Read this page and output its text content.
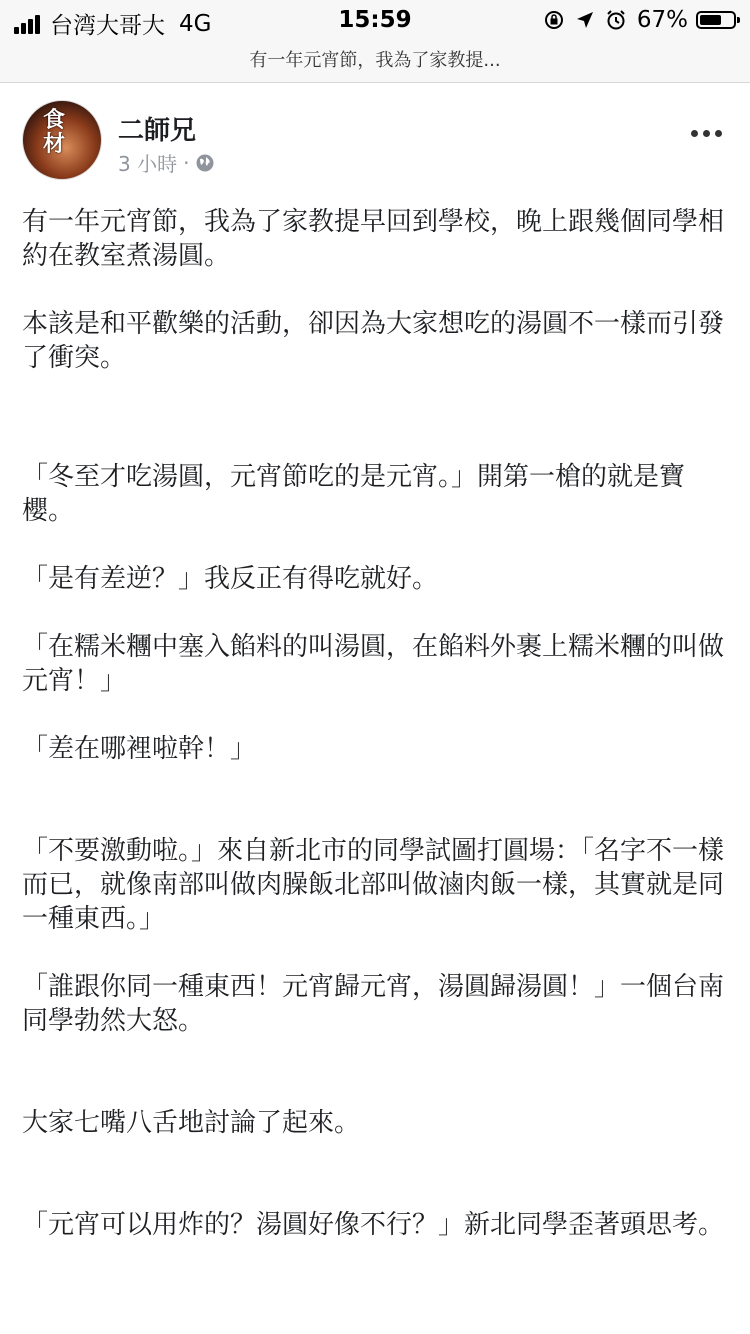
台湾大哥大 4G	15:59	67%
有一年元宵節，我為了家教提...
食
材 二師兄
3 小時 ·

有一年元宵節，我為了家教提早回到學校，晚上跟幾個同學相約在教室煮湯圓。

本該是和平歡樂的活動，卻因為大家想吃的湯圓不一樣而引發了衝突。

「冬至才吃湯圓，元宵節吃的是元宵。」開第一槍的就是寶櫻。

「是有差逆？」我反正有得吃就好。

「在糯米糰中塞入餡料的叫湯圓，在餡料外裹上糯米糰的叫做元宵！」

「差在哪裡啦幹！」

「不要激動啦。」來自新北市的同學試圖打圓場：「名字不一樣而已，就像南部叫做肉臊飯北部叫做滷肉飯一樣，其實就是同一種東西。」

「誰跟你同一種東西！元宵歸元宵，湯圓歸湯圓！」一個台南同學勃然大怒。

大家七嘴八舌地討論了起來。

「元宵可以用炸的？湯圓好像不行？」新北同學歪著頭思考。
